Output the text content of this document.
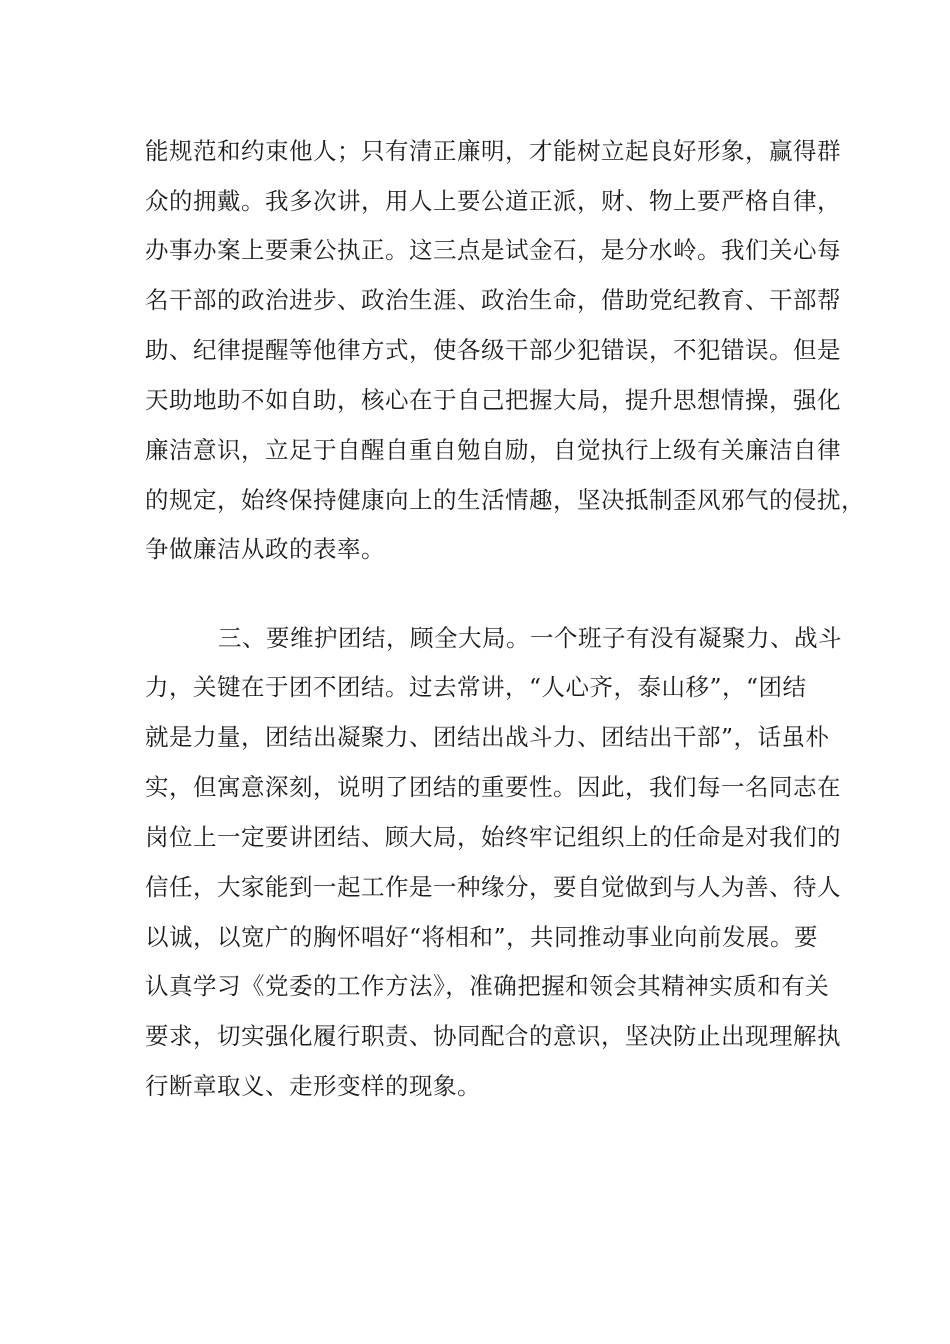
能规范和约束他人；只有清正廉明，才能树立起良好形象，赢得群
众的拥戴。我多次讲，用人上要公道正派，财、物上要严格自律，
办事办案上要秉公执正。这三点是试金石，是分水岭。我们关心每
名干部的政治进步、政治生涯、政治生命，借助党纪教育、干部帮
助、纪律提醒等他律方式，使各级干部少犯错误，不犯错误。但是
天助地助不如自助，核心在于自己把握大局，提升思想情操，强化
廉洁意识，立足于自醒自重自勉自励，自觉执行上级有关廉洁自律
的规定，始终保持健康向上的生活情趣，坚决抵制歪风邪气的侵扰，
争做廉洁从政的表率。
三、要维护团结，顾全大局。一个班子有没有凝聚力、战斗
力，关键在于团不团结。过去常讲，“人心齐，泰山移”，“团结
就是力量，团结出凝聚力、团结出战斗力、团结出干部”，话虽朴
实，但寓意深刻，说明了团结的重要性。因此，我们每一名同志在
岗位上一定要讲团结、顾大局，始终牢记组织上的任命是对我们的
信任，大家能到一起工作是一种缘分，要自觉做到与人为善、待人
以诚，以宽广的胸怀唱好“将相和”，共同推动事业向前发展。要
认真学习《党委的工作方法》，准确把握和领会其精神实质和有关
要求，切实强化履行职责、协同配合的意识，坚决防止出现理解执
行断章取义、走形变样的现象。
